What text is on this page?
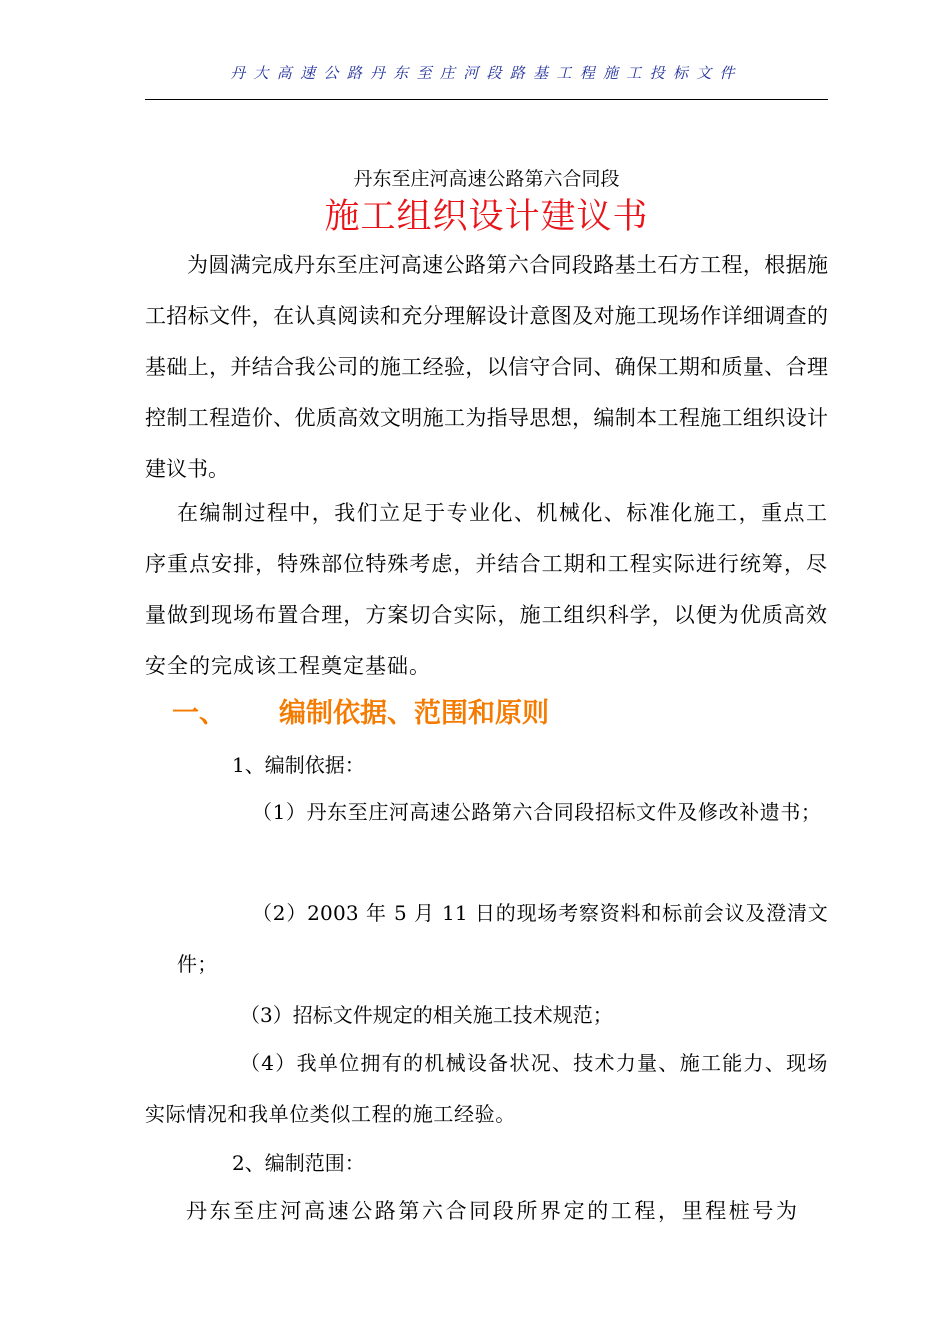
丹大高速公路丹东至庄河段路基工程施工投标文件
丹东至庄河高速公路第六合同段
施工组织设计建议书

为圆满完成丹东至庄河高速公路第六合同段路基土石方工程，根据施工招标文件，在认真阅读和充分理解设计意图及对施工现场作详细调查的基础上，并结合我公司的施工经验，以信守合同、确保工期和质量、合理控制工程造价、优质高效文明施工为指导思想，编制本工程施工组织设计建议书。

在编制过程中，我们立足于专业化、机械化、标准化施工，重点工序重点安排，特殊部位特殊考虑，并结合工期和工程实际进行统筹，尽量做到现场布置合理，方案切合实际，施工组织科学，以便为优质高效安全的完成该工程奠定基础。

一、 编制依据、范围和原则

1、编制依据：

（1）丹东至庄河高速公路第六合同段招标文件及修改补遗书；

（2）2003 年 5 月 11 日的现场考察资料和标前会议及澄清文件；

（3）招标文件规定的相关施工技术规范；

（4）我单位拥有的机械设备状况、技术力量、施工能力、现场实际情况和我单位类似工程的施工经验。

2、编制范围：

丹东至庄河高速公路第六合同段所界定的工程，里程桩号为
